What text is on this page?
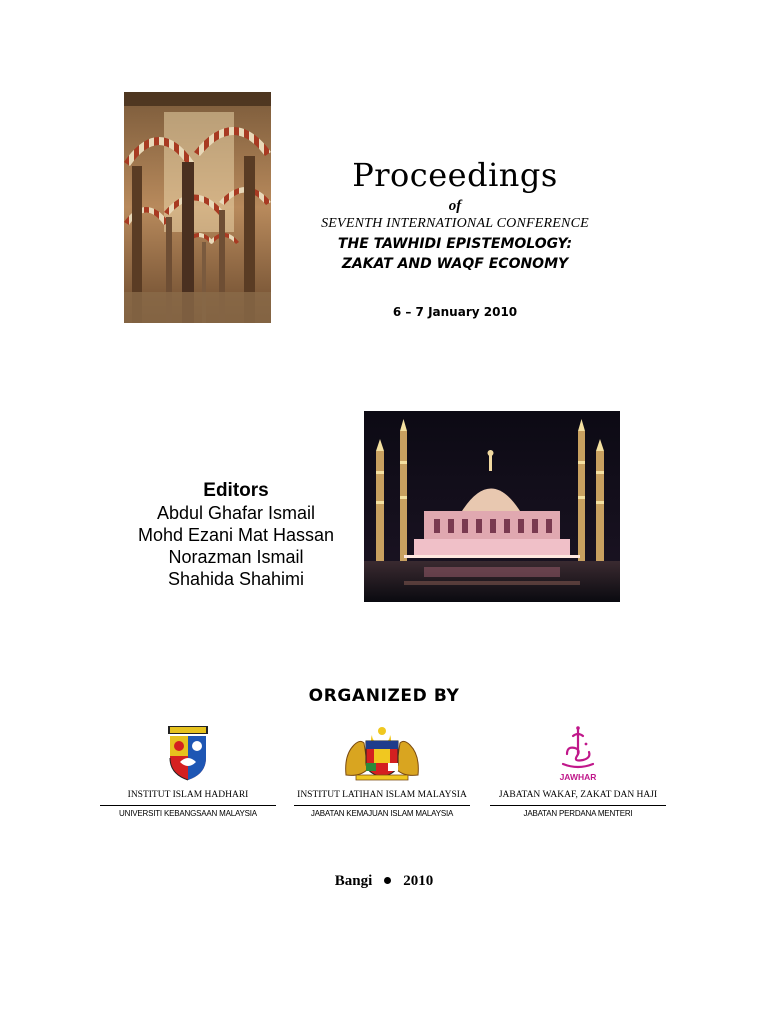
Proceedings
of
SEVENTH INTERNATIONAL CONFERENCE
THE TAWHIDI EPISTEMOLOGY:
ZAKAT AND WAQF ECONOMY
6 – 7 January 2010
Editors
Abdul Ghafar Ismail
Mohd Ezani Mat Hassan
Norazman Ismail
Shahida Shahimi
ORGANIZED BY
INSTITUT ISLAM HADHARI
UNIVERSITI KEBANGSAAN MALAYSIA
INSTITUT LATIHAN ISLAM MALAYSIA
JABATAN KEMAJUAN ISLAM MALAYSIA
JAWHAR
JABATAN WAKAF, ZAKAT DAN HAJI
JABATAN PERDANA MENTERI
Bangi 2010
